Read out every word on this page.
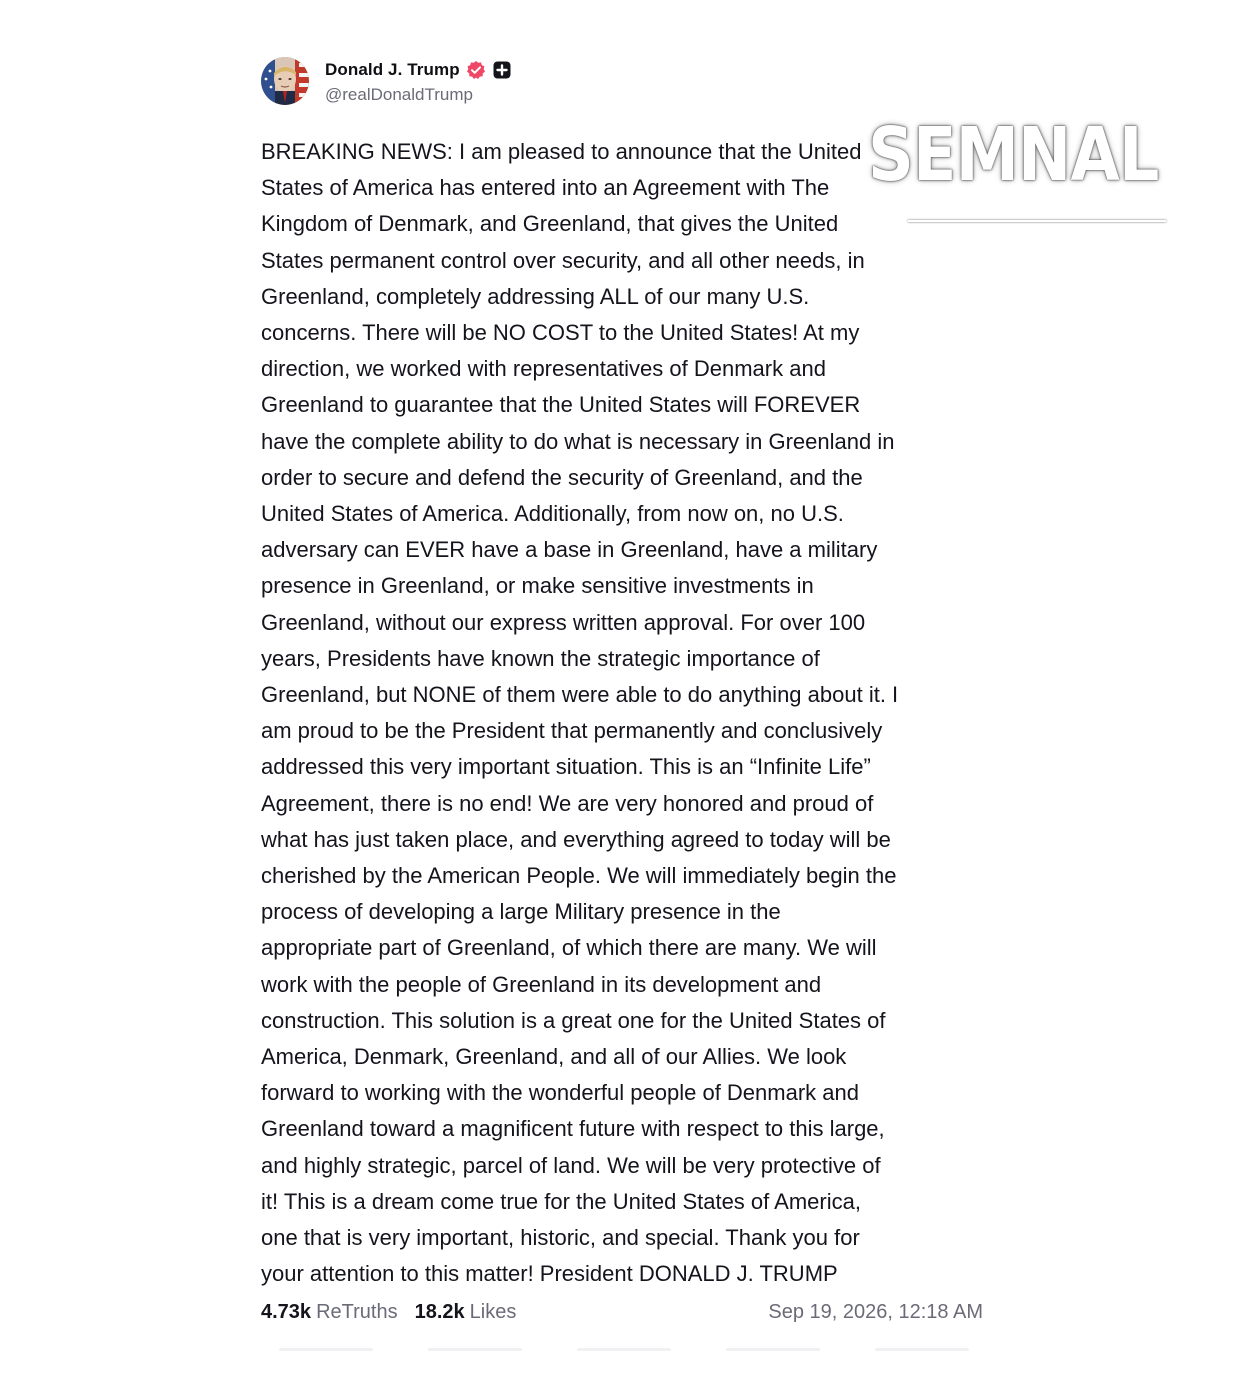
Donald J. Trump
@realDonaldTrump
BREAKING NEWS: I am pleased to announce that the United
States of America has entered into an Agreement with The
Kingdom of Denmark, and Greenland, that gives the United
States permanent control over security, and all other needs, in
Greenland, completely addressing ALL of our many U.S.
concerns. There will be NO COST to the United States! At my
direction, we worked with representatives of Denmark and
Greenland to guarantee that the United States will FOREVER
have the complete ability to do what is necessary in Greenland in
order to secure and defend the security of Greenland, and the
United States of America. Additionally, from now on, no U.S.
adversary can EVER have a base in Greenland, have a military
presence in Greenland, or make sensitive investments in
Greenland, without our express written approval. For over 100
years, Presidents have known the strategic importance of
Greenland, but NONE of them were able to do anything about it. I
am proud to be the President that permanently and conclusively
addressed this very important situation. This is an “Infinite Life”
Agreement, there is no end! We are very honored and proud of
what has just taken place, and everything agreed to today will be
cherished by the American People. We will immediately begin the
process of developing a large Military presence in the
appropriate part of Greenland, of which there are many. We will
work with the people of Greenland in its development and
construction. This solution is a great one for the United States of
America, Denmark, Greenland, and all of our Allies. We look
forward to working with the wonderful people of Denmark and
Greenland toward a magnificent future with respect to this large,
and highly strategic, parcel of land. We will be very protective of
it! This is a dream come true for the United States of America,
one that is very important, historic, and special. Thank you for
your attention to this matter! President DONALD J. TRUMP
4.73k ReTruths 18.2k Likes	Sep 19, 2026, 12:18 AM
SEMNAL
